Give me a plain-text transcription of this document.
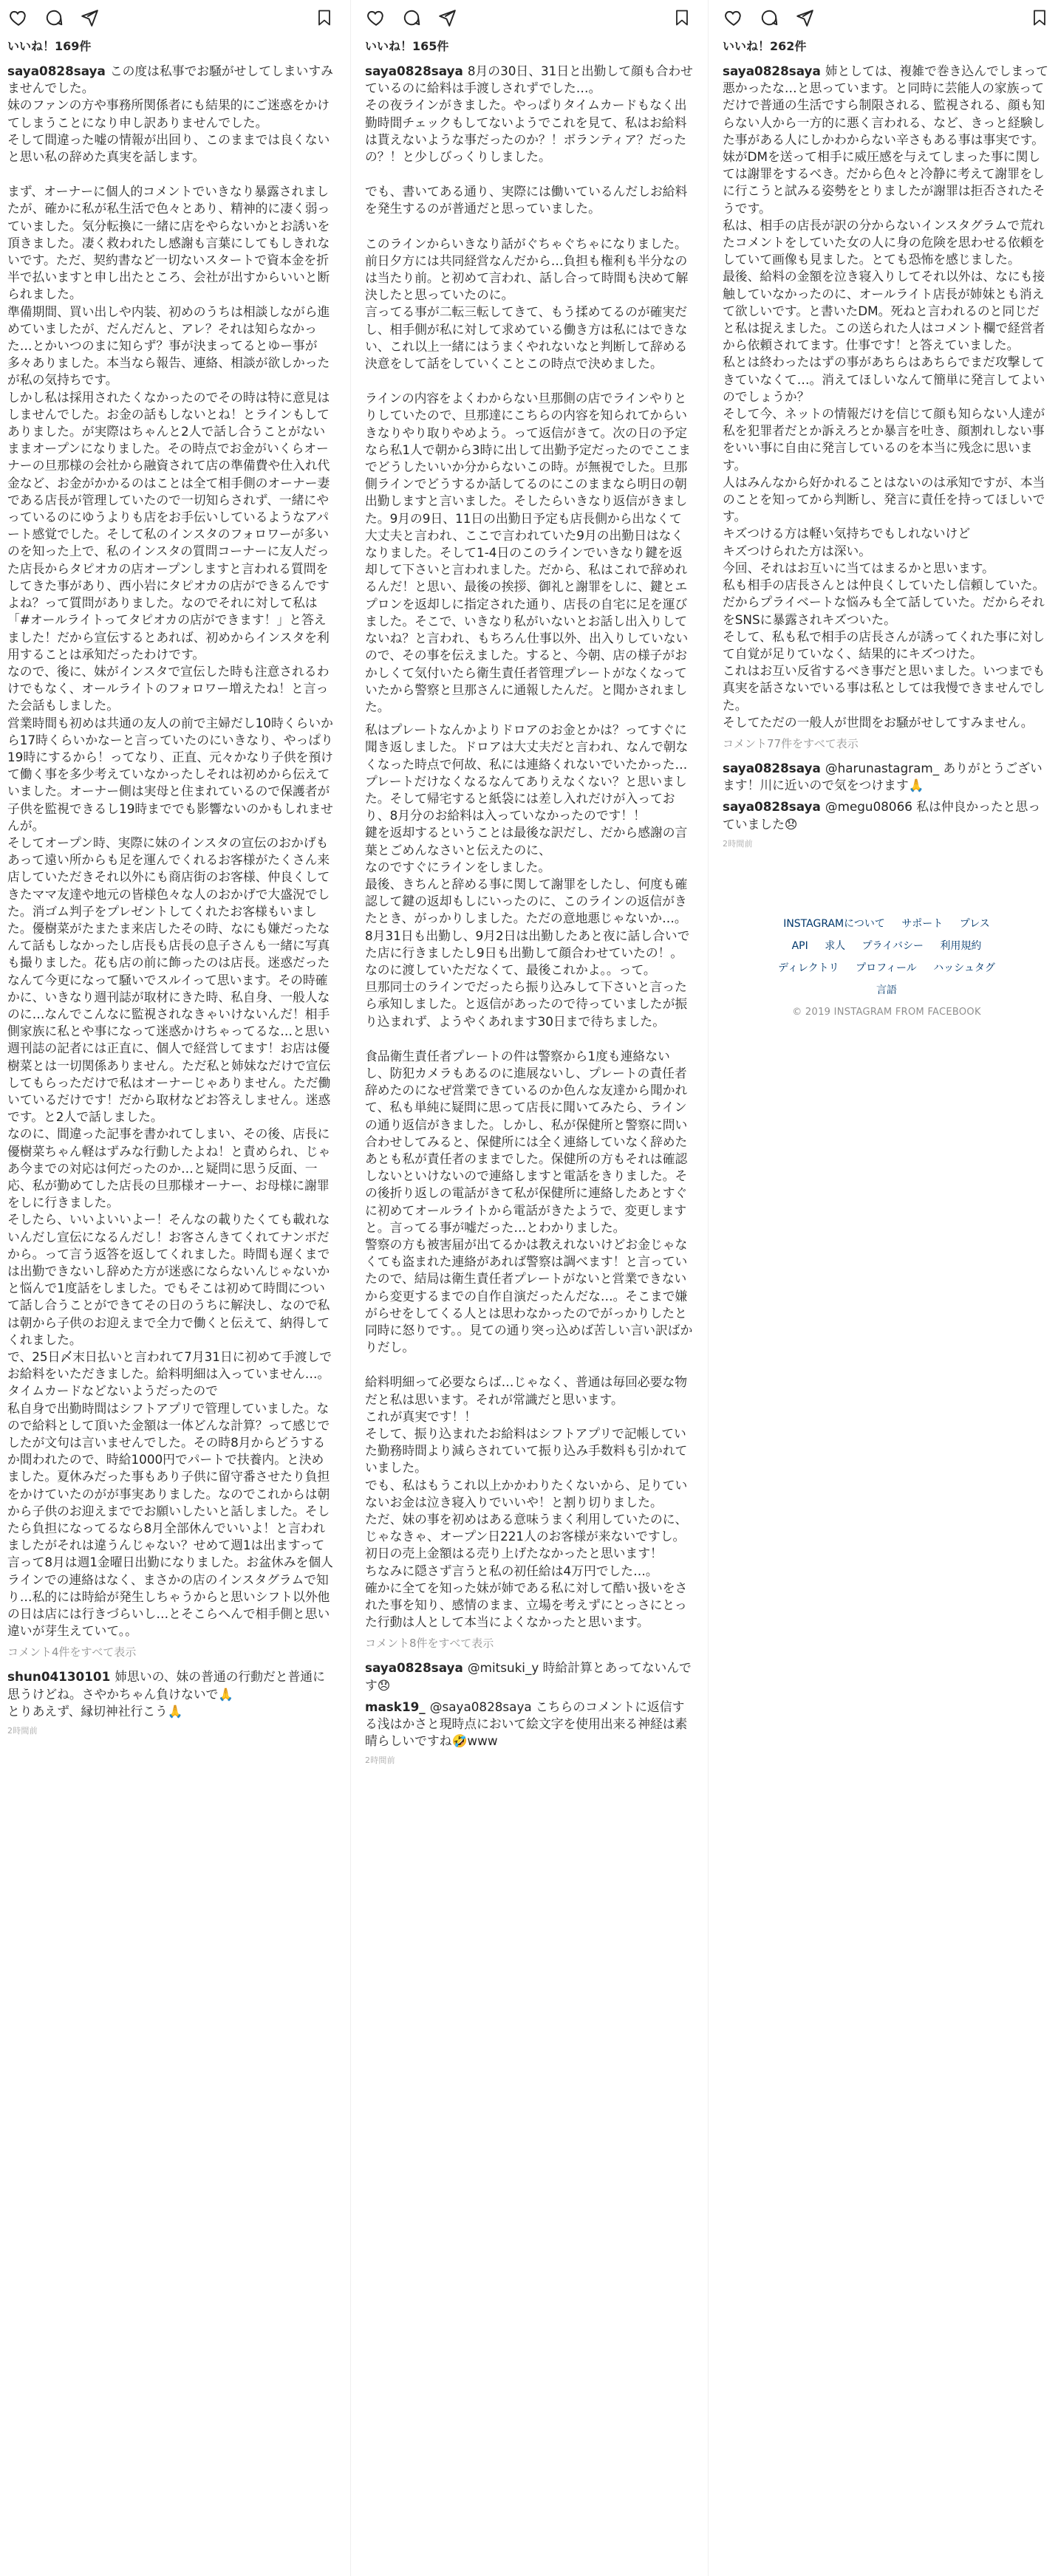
いいね！169件

saya0828saya この度は私事でお騒がせしてしまいすみませんでした。
妹のファンの方や事務所関係者にも結果的にご迷惑をかけてしまうことになり申し訳ありませんでした。
そして間違った嘘の情報が出回り、このままでは良くないと思い私の辞めた真実を話します。

まず、オーナーに個人的コメントでいきなり暴露されましたが、確かに私が私生活で色々とあり、精神的に凄く弱っていました。気分転換に一緒に店をやらないかとお誘いを頂きました。凄く救われたし感謝も言葉にしてもしきれないです。ただ、契約書など一切ないスタートで資本金を折半で払いますと申し出たところ、会社が出すからいいと断られました。
準備期間、買い出しや内装、初めのうちは相談しながら進めていましたが、だんだんと、アレ？それは知らなかった…とかいつのまに知らず？事が決まってるとゆー事が多々ありました。本当なら報告、連絡、相談が欲しかったが私の気持ちです。
しかし私は採用されたくなかったのでその時は特に意見はしませんでした。お金の話もしないとね！とラインもしてありました。が実際はちゃんと2人で話し合うことがないままオープンになりました。その時点でお金がいくらオーナーの旦那様の会社から融資されて店の準備費や仕入れ代金など、お金がかかるのはことは全て相手側のオーナー妻である店長が管理していたので一切知らされず、一緒にやっているのにゆうよりも店をお手伝いしているようなアパート感覚でした。そして私のインスタのフォロワーが多いのを知った上で、私のインスタの質問コーナーに友人だった店長からタピオカの店オープンしますと言われる質問をしてきた事があり、西小岩にタピオカの店ができるんですよね？って質問がありました。なのでそれに対して私は「#オールライトってタピオカの店ができます！」と答えました！だから宣伝するとあれば、初めからインスタを利用することは承知だったわけです。
なので、後に、妹がインスタで宣伝した時も注意されるわけでもなく、オールライトのフォロワー増えたね！と言った会話もしました。
営業時間も初めは共通の友人の前で主婦だし10時くらいから17時くらいかなーと言っていたのにいきなり、やっぱり19時にするから！ってなり、正直、元々かなり子供を預けて働く事を多少考えていなかったしそれは初めから伝えていました。オーナー側は実母と住まれているので保護者が子供を監視できるし19時まででも影響ないのかもしれませんが。
そしてオープン時、実際に妹のインスタの宣伝のおかげもあって遠い所からも足を運んでくれるお客様がたくさん来店していただきそれ以外にも商店街のお客様、仲良くしてきたママ友達や地元の皆様色々な人のおかげで大盛況でした。消ゴム判子をプレゼントしてくれたお客様もいました。優樹菜がたまたま来店したその時、なにも嫌だったなんて話もしなかったし店長も店長の息子さんも一緒に写真も撮りました。花も店の前に飾ったのは店長。迷惑だったなんて今更になって騒いでスルイって思います。その時確かに、いきなり週刊誌が取材にきた時、私自身、一般人なのに…なんでこんなに監視されなきゃいけないんだ！相手側家族に私とや事になって迷惑かけちゃってるな…と思い週刊誌の記者には正直に、個人で経営してます！お店は優樹菜とは一切関係ありません。ただ私と姉妹なだけで宣伝してもらっただけで私はオーナーじゃありません。ただ働いているだけです！だから取材などお答えしません。迷惑です。と2人で話しました。
なのに、間違った記事を書かれてしまい、その後、店長に優樹菜ちゃん軽はずみな行動したよね！と責められ、じゃあ今までの対応は何だったのか…と疑問に思う反面、一応、私が勤めてした店長の旦那様オーナー、お母様に謝罪をしに行きました。
そしたら、いいよいいよー！そんなの載りたくても載れないんだし宣伝になるんだし！お客さんきてくれてナンボだから。って言う返答を返してくれました。時間も遅くまでは出勤できないし辞めた方が迷惑にならないんじゃないかと悩んで1度話をしました。でもそこは初めて時間について話し合うことができてその日のうちに解決し、なので私は朝から子供のお迎えまで全力で働くと伝えて、納得してくれました。
で、25日〆末日払いと言われて7月31日に初めて手渡しでお給料をいただきました。給料明細は入っていません…。
タイムカードなどないようだったので
私自身で出勤時間はシフトアプリで管理していました。なので給料として頂いた金額は一体どんな計算？って感じでしたが文句は言いませんでした。その時8月からどうするか間われたので、時給1000円でパートで扶養内。と決めました。夏休みだった事もあり子供に留守番させたり負担をかけていたのがが事実ありました。なのでこれからは朝から子供のお迎えまででお願いしたいと話しました。そしたら負担になってるなら8月全部休んでいいよ！と言われましたがそれは違うんじゃない？せめて週1は出ますって言って8月は週1金曜日出勤になりました。お盆休みを個人ラインでの連絡はなく、まさかの店のインスタグラムで知り…私的には時給が発生しちゃうからと思いシフト以外他の日は店には行きづらいし…とそこらへんで相手側と思い違いが芽生えていて。。

コメント4件をすべて表示

shun04130101 姉思いの、妹の普通の行動だと普通に思うけどね。さやかちゃん負けないで🙏
とりあえず、縁切神社行こう🙏

2時間前
いいね！165件

saya0828saya 8月の30日、31日と出勤して顔も合わせているのに給料は手渡しされずでした…。
その夜ラインがきました。やっぱりタイムカードもなく出勤時間チェックもしてないようでこれを見て、私はお給料は貰えないような事だったのか？！ボランティア？だったの？！と少しびっくりしました。

でも、書いてある通り、実際には働いているんだしお給料を発生するのが普通だと思っていました。

このラインからいきなり話がぐちゃぐちゃになりました。前日夕方には共同経営なんだから…負担も権利も半分なのは当たり前。と初めて言われ、話し合って時間も決めて解決したと思っていたのに。
言ってる事が二転三転してきて、もう揉めてるのが確実だし、相手側が私に対して求めている働き方は私にはできない、これ以上一緒にはうまくやれないなと判断して辞める決意をして話をしていくことこの時点で決めました。

ラインの内容をよくわからない旦那側の店でラインやりとりしていたので、旦那達にこちらの内容を知られてからいきなりやり取りやめよう。って返信がきて。次の日の予定なら私1人で朝から3時に出して出勤予定だったのでここまでどうしたいいか分からないこの時。が無視でした。旦那側ラインでどうするか話してるのにこのままなら明日の朝出勤しますと言いました。そしたらいきなり返信がきました。9月の9日、11日の出勤日予定も店長側から出なくて大丈夫と言われ、ここで言われていた9月の出勤日はなくなりました。そして1-4日のこのラインでいきなり鍵を返却して下さいと言われました。だから、私はこれで辞めれるんだ！と思い、最後の挨拶、御礼と謝罪をしに、鍵とエプロンを返却しに指定された通り、店長の自宅に足を運びました。そこで、いきなり私がいないとお話し出入りしてないね？と言われ、もちろん仕事以外、出入りしていないので、その事を伝えました。すると、今朝、店の様子がおかしくて気付いたら衛生責任者管理プレートがなくなっていたから警察と旦那さんに通報したんだ。と聞かされました。

私はプレートなんかよりドロアのお金とかは？ってすぐに聞き返しました。ドロアは大丈夫だと言われ、なんで朝なくなった時点で何故、私には連絡くれないでいたかった…プレートだけなくなるなんてありえなくない？と思いました。そして帰宅すると紙袋には差し入れだけが入っており、8月分のお給料は入っていなかったのです！！
鍵を返却するということは最後な訳だし、だから感謝の言葉とごめんなさいと伝えたのに、
なのですぐにラインをしました。
最後、きちんと辞める事に関して謝罪をしたし、何度も確認して鍵の返却もしにいったのに、このラインの返信がきたとき、がっかりしました。ただの意地悪じゃないか…。8月31日も出勤し、9月2日は出勤したあと夜に話し合いでた店に行きましたし9日も出勤して顔合わせていたの！。なのに渡していただなくて、最後これかよ。。って。
旦那同士のラインでだったら振り込みして下さいと言ったら承知しました。と返信があったので待っていましたが振り込まれず、ようやくあれます30日まで待ちました。

食品衛生責任者プレートの件は警察から1度も連絡ないし、防犯カメラもあるのに進展ないし、プレートの責任者辞めたのになぜ営業できているのか色んな友達から聞かれて、私も単純に疑問に思って店長に聞いてみたら、ラインの通り返信がきました。しかし、私が保健所と警察に問い合わせしてみると、保健所には全く連絡していなく辞めたあとも私が責任者のままでした。保健所の方もそれは確認しないといけないので連絡しますと電話をきりました。その後折り返しの電話がきて私が保健所に連絡したあとすぐに初めてオールライトから電話がきたようで、変更しますと。言ってる事が嘘だった…とわかりました。
警察の方も被害届が出てるかは教えれないけどお金じゃなくても盗まれた連絡があれば警察は調べます！と言っていたので、結局は衛生責任者プレートがないと営業できないから変更するまでの自作自演だったんだな…。そこまで嫌がらせをしてくる人とは思わなかったのでがっかりしたと同時に怒りです。。見ての通り突っ込めば苦しい言い訳ばかりだし。

給料明細って必要ならば…じゃなく、普通は毎回必要な物だと私は思います。それが常識だと思います。
これが真実です！！
そして、振り込まれたお給料はシフトアプリで記帳していた勤務時間より減らされていて振り込み手数料も引かれていました。
でも、私はもうこれ以上かかわりたくないから、足りていないお金は泣き寝入りでいいや！と割り切りました。
ただ、妹の事を初めはある意味うまく利用していたのに、じゃなきゃ、オープン日221人のお客様が来ないですし。初日の売上金額はる売り上げたなかったと思います！
ちなみに隠さず言うと私の初任給は4万円でした…。
確かに全てを知った妹が姉である私に対して酷い扱いをされた事を知り、感情のまま、立場を考えずにとっさにとった行動は人として本当によくなかったと思います。

コメント8件をすべて表示

saya0828saya @mitsuki_y 時給計算とあってないんです😞

mask19_ @saya0828saya こちらのコメントに返信する浅はかさと現時点において絵文字を使用出来る神経は素晴らしいですね🤣www

2時間前
いいね！262件

saya0828saya 姉としては、複雑で巻き込んでしまって悪かったな…と思っています。と同時に芸能人の家族ってだけで普通の生活ですら制限される、監視される、顔も知らない人から一方的に悪く言われる、など、きっと経験した事がある人にしかわからない辛さもある事は事実です。
妹がDMを送って相手に威圧感を与えてしまった事に関しては謝罪をするべき。だから色々と冷静に考えて謝罪をしに行こうと試みる姿勢をとりましたが謝罪は拒否されたそうです。
私は、相手の店長が訳の分からないインスタグラムで荒れたコメントをしていた女の人に身の危険を思わせる依頼をしていて画像も見ました。とても恐怖を感じました。
最後、給料の金額を泣き寝入りしてそれ以外は、なにも接触していなかったのに、オールライト店長が姉妹とも消えて欲しいです。と書いたDM。死ねと言われるのと同じだと私は捉えました。この送られた人はコメント欄で経営者から依頼されてます。仕事です！と答えていました。
私とは終わったはずの事があちらはあちらでまだ攻撃してきていなくて…。消えてほしいなんて簡単に発言してよいのでしょうか？
そして今、ネットの情報だけを信じて顔も知らない人達が私を犯罪者だとか訴えろとか暴言を吐き、顔割れしない事をいい事に自由に発言しているのを本当に残念に思います。
人はみんなから好かれることはないのは承知ですが、本当のことを知ってから判断し、発言に責任を持ってほしいです。
キズつける方は軽い気持ちでもしれないけど
キズつけられた方は深い。
今回、それはお互いに当てはまるかと思います。
私も相手の店長さんとは仲良くしていたし信頼していた。だからプライベートな悩みも全て話していた。だからそれをSNSに暴露されキズついた。
そして、私も私で相手の店長さんが誘ってくれた事に対して自覚が足りていなく、結果的にキズつけた。
これはお互い反省するべき事だと思いました。いつまでも真実を話さないでいる事は私としては我慢できませんでした。
そしてただの一般人が世間をお騒がせしてすみません。

コメント77件をすべて表示

saya0828saya @harunastagram_ ありがとうございます！川に近いので気をつけます🙏

saya0828saya @megu08066 私は仲良かったと思っていました😞

2時間前
INSTAGRAMについて サポート プレス
API 求人 プライバシー 利用規約
ディレクトリ プロフィール ハッシュタグ
言語
© 2019 INSTAGRAM FROM FACEBOOK
